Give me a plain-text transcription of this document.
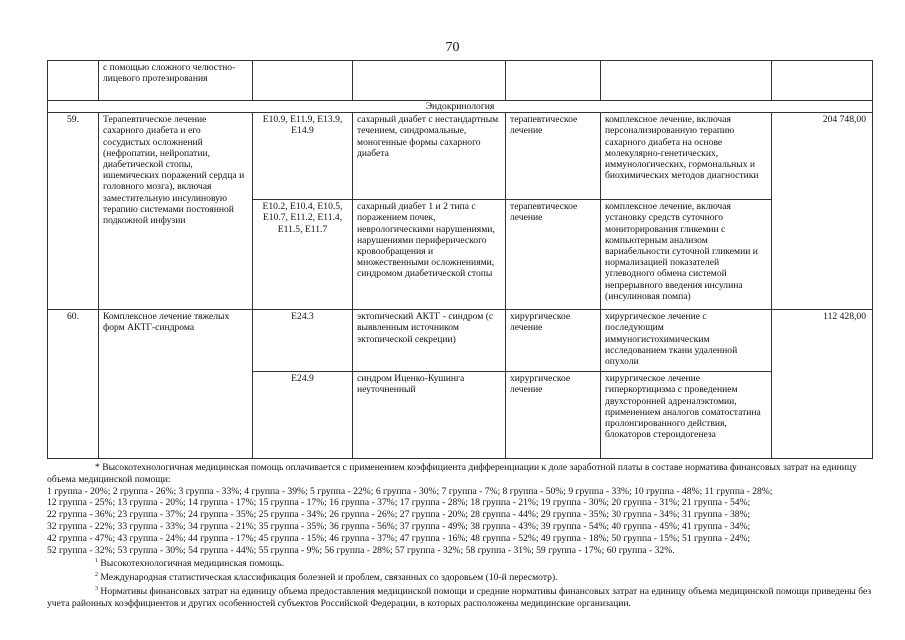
70
	с помощью сложного челюстно-лицевого протезирования					
Эндокринология						
59.	Терапевтическое лечение сахарного диабета и его сосудистых осложнений (нефропатии, нейропатии, диабетической стопы, ишемических поражений сердца и головного мозга), включая заместительную инсулиновую терапию системами постоянной подкожной инфузии	E10.9, E11.9, E13.9, E14.9	сахарный диабет с нестандартным течением, синдромальные, моногенные формы сахарного диабета	терапевтическое лечение	комплексное лечение, включая персонализированную терапию сахарного диабета на основе молекулярно-генетических, иммунологических, гормональных и биохимических методов диагностики	204 748,00
		E10.2, E10.4, E10.5, E10.7, E11.2, E11.4, E11.5, E11.7	сахарный диабет 1 и 2 типа с поражением почек, неврологическими нарушениями, нарушениями периферического кровообращения и множественными осложнениями, синдромом диабетической стопы	терапевтическое лечение	комплексное лечение, включая установку средств суточного мониторирования гликемии с компьютерным анализом вариабельности суточной гликемии и нормализацией показателей углеводного обмена системой непрерывного введения инсулина (инсулиновая помпа)	
60.	Комплексное лечение тяжелых форм АКТГ-синдрома	E24.3	эктопический АКТГ - синдром (с выявленным источником эктопической секреции)	хирургическое лечение	хирургическое лечение с последующим иммуногистохимическим исследованием ткани удаленной опухоли	112 428,00
		E24.9	синдром Иценко-Кушинга неуточненный	хирургическое лечение	хирургическое лечение гиперкортицизма с проведением двухсторонней адреналэктомии, применением аналогов соматостатина пролонгированного действия, блокаторов стероидогенеза	

* Высокотехнологичная медицинская помощь оплачивается с применением коэффициента дифференциации к доле заработной платы в составе норматива финансовых затрат на единицу объема медицинской помощи:

1 группа - 20%; 2 группа - 26%; 3 группа - 33%; 4 группа - 39%; 5 группа - 22%; 6 группа - 30%; 7 группа - 7%; 8 группа - 50%; 9 группа - 33%; 10 группа - 48%; 11 группа - 28%;

12 группа - 25%; 13 группа - 20%; 14 группа - 17%; 15 группа - 17%; 16 группа - 37%; 17 группа - 28%; 18 группа - 21%; 19 группа - 30%; 20 группа - 31%; 21 группа - 54%;

22 группа - 36%; 23 группа - 37%; 24 группа - 35%; 25 группа - 34%; 26 группа - 26%; 27 группа - 20%; 28 группа - 44%; 29 группа - 35%; 30 группа - 34%; 31 группа - 38%;

32 группа - 22%; 33 группа - 33%; 34 группа - 21%; 35 группа - 35%; 36 группа - 56%; 37 группа - 49%; 38 группа - 43%; 39 группа - 54%; 40 группа - 45%; 41 группа - 34%;

42 группа - 47%; 43 группа - 24%; 44 группа - 17%; 45 группа - 15%; 46 группа - 37%; 47 группа - 16%; 48 группа - 52%; 49 группа - 18%; 50 группа - 15%; 51 группа - 24%;

52 группа - 32%; 53 группа - 30%; 54 группа - 44%; 55 группа - 9%; 56 группа - 28%; 57 группа - 32%; 58 группа - 31%; 59 группа - 17%; 60 группа - 32%.

$^1$ Высокотехнологичная медицинская помощь.

$^2$ Международная статистическая классификация болезней и проблем, связанных со здоровьем (10-й пересмотр).

$^3$ Нормативы финансовых затрат на единицу объема предоставления медицинской помощи и средние нормативы финансовых затрат на единицу объема медицинской помощи приведены без учета районных коэффициентов и других особенностей субъектов Российской Федерации, в которых расположены медицинские организации.
